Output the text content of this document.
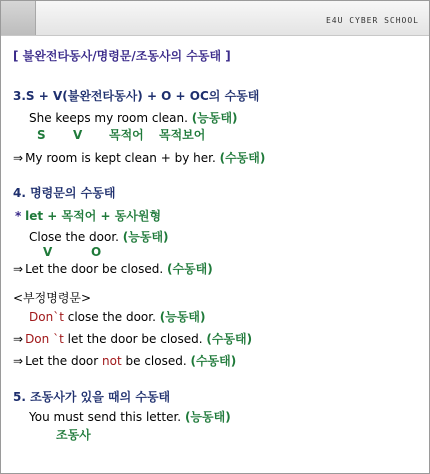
E4U CYBER SCHOOL
[ 불완전타동사/명령문/조동사의 수동태 ]
3.S + V(불완전타동사) + O + OC의 수동태
She keeps my room clean. (능동태)
S V 목적어 목적보어
⇒ My room is kept clean + by her. (수동태)
4. 명령문의 수동태
* let + 목적어 + 동사원형
Close the door. (능동태)
V	O
⇒ Let the door be closed. (수동태)
<부정명령문>
Don`t close the door. (능동태)
⇒ Don `t let the door be closed. (수동태)
⇒ Let the door not be closed. (수동태)
5. 조동사가 있을 때의 수동태
You must send this letter. (능동태)
조동사
